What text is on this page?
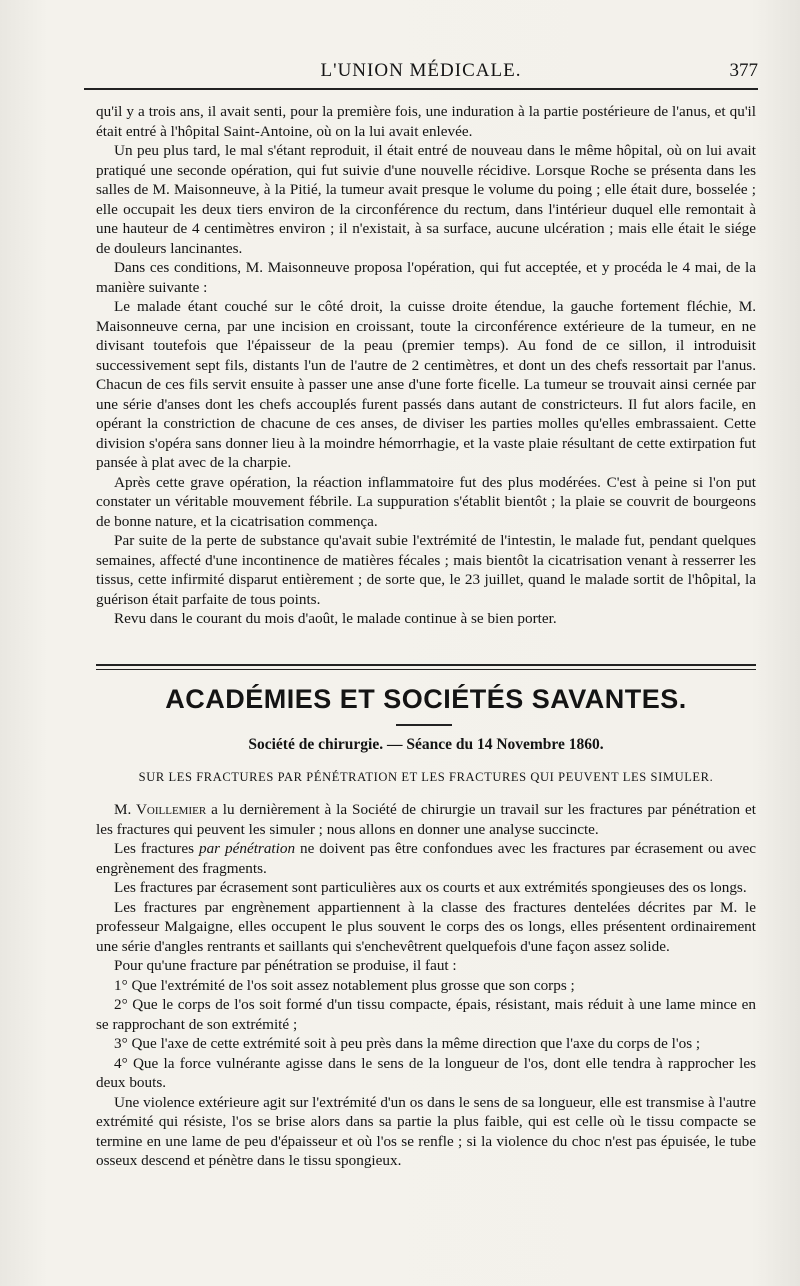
L'UNION MÉDICALE.	377

qu'il y a trois ans, il avait senti, pour la première fois, une induration à la partie postérieure de l'anus, et qu'il était entré à l'hôpital Saint-Antoine, où on la lui avait enlevée.

Un peu plus tard, le mal s'étant reproduit, il était entré de nouveau dans le même hôpital, où on lui avait pratiqué une seconde opération, qui fut suivie d'une nouvelle récidive. Lorsque Roche se présenta dans les salles de M. Maisonneuve, à la Pitié, la tumeur avait presque le volume du poing ; elle était dure, bosselée ; elle occupait les deux tiers environ de la circonférence du rectum, dans l'intérieur duquel elle remontait à une hauteur de 4 centimètres environ ; il n'existait, à sa surface, aucune ulcération ; mais elle était le siége de douleurs lancinantes.

Dans ces conditions, M. Maisonneuve proposa l'opération, qui fut acceptée, et y procéda le 4 mai, de la manière suivante :

Le malade étant couché sur le côté droit, la cuisse droite étendue, la gauche fortement fléchie, M. Maisonneuve cerna, par une incision en croissant, toute la circonférence extérieure de la tumeur, en ne divisant toutefois que l'épaisseur de la peau (premier temps). Au fond de ce sillon, il introduisit successivement sept fils, distants l'un de l'autre de 2 centimètres, et dont un des chefs ressortait par l'anus. Chacun de ces fils servit ensuite à passer une anse d'une forte ficelle. La tumeur se trouvait ainsi cernée par une série d'anses dont les chefs accouplés furent passés dans autant de constricteurs. Il fut alors facile, en opérant la constriction de chacune de ces anses, de diviser les parties molles qu'elles embrassaient. Cette division s'opéra sans donner lieu à la moindre hémorrhagie, et la vaste plaie résultant de cette extirpation fut pansée à plat avec de la charpie.

Après cette grave opération, la réaction inflammatoire fut des plus modérées. C'est à peine si l'on put constater un véritable mouvement fébrile. La suppuration s'établit bientôt ; la plaie se couvrit de bourgeons de bonne nature, et la cicatrisation commença.

Par suite de la perte de substance qu'avait subie l'extrémité de l'intestin, le malade fut, pendant quelques semaines, affecté d'une incontinence de matières fécales ; mais bientôt la cicatrisation venant à resserrer les tissus, cette infirmité disparut entièrement ; de sorte que, le 23 juillet, quand le malade sortit de l'hôpital, la guérison était parfaite de tous points.

Revu dans le courant du mois d'août, le malade continue à se bien porter.

ACADÉMIES ET SOCIÉTÉS SAVANTES.
Société de chirurgie. — Séance du 14 Novembre 1860.
SUR LES FRACTURES PAR PÉNÉTRATION ET LES FRACTURES QUI PEUVENT LES SIMULER.

M. Voillemier a lu dernièrement à la Société de chirurgie un travail sur les fractures par pénétration et les fractures qui peuvent les simuler ; nous allons en donner une analyse succincte.

Les fractures par pénétration ne doivent pas être confondues avec les fractures par écrasement ou avec engrènement des fragments.

Les fractures par écrasement sont particulières aux os courts et aux extrémités spongieuses des os longs.

Les fractures par engrènement appartiennent à la classe des fractures dentelées décrites par M. le professeur Malgaigne, elles occupent le plus souvent le corps des os longs, elles présentent ordinairement une série d'angles rentrants et saillants qui s'enchevêtrent quelquefois d'une façon assez solide.

Pour qu'une fracture par pénétration se produise, il faut :

1° Que l'extrémité de l'os soit assez notablement plus grosse que son corps ;

2° Que le corps de l'os soit formé d'un tissu compacte, épais, résistant, mais réduit à une lame mince en se rapprochant de son extrémité ;

3° Que l'axe de cette extrémité soit à peu près dans la même direction que l'axe du corps de l'os ;

4° Que la force vulnérante agisse dans le sens de la longueur de l'os, dont elle tendra à rapprocher les deux bouts.

Une violence extérieure agit sur l'extrémité d'un os dans le sens de sa longueur, elle est transmise à l'autre extrémité qui résiste, l'os se brise alors dans sa partie la plus faible, qui est celle où le tissu compacte se termine en une lame de peu d'épaisseur et où l'os se renfle ; si la violence du choc n'est pas épuisée, le tube osseux descend et pénètre dans le tissu spongieux.
